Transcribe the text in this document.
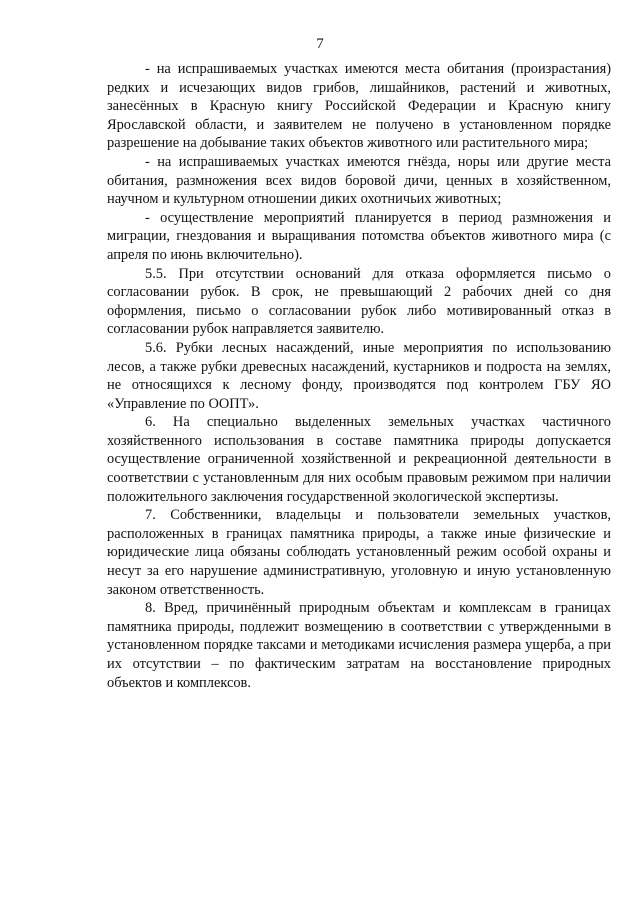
7

- на испрашиваемых участках имеются места обитания (произрастания) редких и исчезающих видов грибов, лишайников, растений и животных, занесённых в Красную книгу Российской Федерации и Красную книгу Ярославской области, и заявителем не получено в установленном порядке разрешение на добывание таких объектов животного или растительного мира;

- на испрашиваемых участках имеются гнёзда, норы или другие места обитания, размножения всех видов боровой дичи, ценных в хозяйственном, научном и культурном отношении диких охотничьих животных;

- осуществление мероприятий планируется в период размножения и миграции, гнездования и выращивания потомства объектов животного мира (с апреля по июнь включительно).

5.5. При отсутствии оснований для отказа оформляется письмо о согласовании рубок. В срок, не превышающий 2 рабочих дней со дня оформления, письмо о согласовании рубок либо мотивированный отказ в согласовании рубок направляется заявителю.

5.6. Рубки лесных насаждений, иные мероприятия по использованию лесов, а также рубки древесных насаждений, кустарников и подроста на землях, не относящихся к лесному фонду, производятся под контролем ГБУ ЯО «Управление по ООПТ».

6. На специально выделенных земельных участках частичного хозяйственного использования в составе памятника природы допускается осуществление ограниченной хозяйственной и рекреационной деятельности в соответствии с установленным для них особым правовым режимом при наличии положительного заключения государственной экологической экспертизы.

7. Собственники, владельцы и пользователи земельных участков, расположенных в границах памятника природы, а также иные физические и юридические лица обязаны соблюдать установленный режим особой охраны и несут за его нарушение административную, уголовную и иную установленную законом ответственность.

8. Вред, причинённый природным объектам и комплексам в границах памятника природы, подлежит возмещению в соответствии с утвержденными в установленном порядке таксами и методиками исчисления размера ущерба, а при их отсутствии – по фактическим затратам на восстановление природных объектов и комплексов.
